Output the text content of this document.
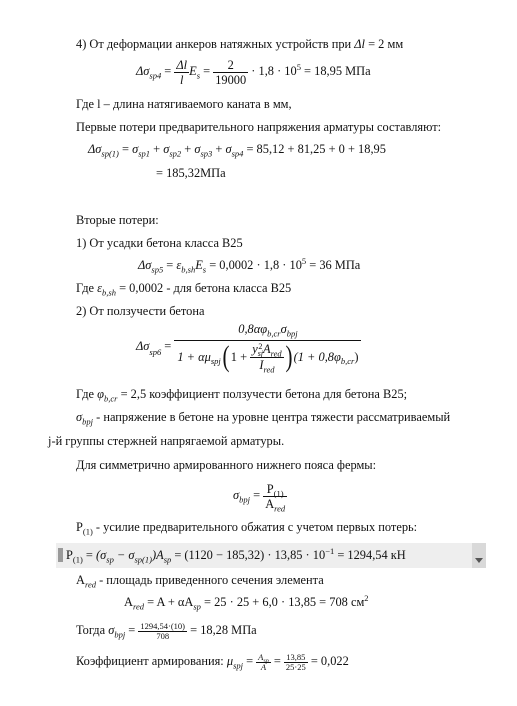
4) От деформации анкеров натяжных устройств при Δl = 2 мм
$\Delta\sigma_{sp4} = \frac{\Delta l}{l} E_s = \frac{2}{19000} \cdot 1,8 \cdot 10^5 = 18,95$ МПа
Где l – длина натягиваемого каната в мм,
Первые потери предварительного напряжения арматуры составляют:
$\Delta\sigma_{sp(1)} = \sigma_{sp1} + \sigma_{sp2} + \sigma_{sp3} + \sigma_{sp4} = 85,12 + 81,25 + 0 + 18,95$
= 185,32МПа
Вторые потери:
1) От усадки бетона класса В25
$\Delta\sigma_{sp5} = \varepsilon_{b,sh}E_s = 0,0002 \cdot 1,8 \cdot 10^5 = 36$ МПа
Где $\varepsilon_{b,sh} = 0,0002$ - для бетона класса В25
2) От ползучести бетона
Δσ sp6 =
$0,8\alpha\varphi_{b,cr}\sigma_{bpj}$
1 + αμ spj ( 1 + y 2
sj $A_{red}$
$I_{red}$ ) (1 + 0,8φ b,cr )
Где $\varphi_{b,cr} = 2,5$ коэффициент ползучести бетона для бетона В25;
$\sigma_{bpj}$ - напряжение в бетоне на уровне центра тяжести рассматриваемый
j-й группы стержней напрягаемой арматуры.
Для симметрично армированного нижнего пояса фермы:
$\sigma_{bpj} = \frac{P_{(1)}}{A_{red}}$
$P_{(1)}$ - усилие предварительного обжатия с учетом первых потерь:
$P_{(1)} = (\sigma_{sp} - \sigma_{sp(1)})A_{sp} = (1120 - 185,32) \cdot 13,85 \cdot 10^{-1} = 1294,54$ кН
$A_{red}$ - площадь приведенного сечения элемента
$A_{red} = A + \alpha A_{sp} = 25 \cdot 25 + 6,0 \cdot 13,85 = 708$ $см^2$
Тогда $\sigma_{bpj} = \frac{1294,54\cdot(10)}{708} = 18,28$ МПа
Коэффициент армирования: $\mu_{spj} = \frac{A_{sp}}{A} = \frac{13,85}{25\cdot 25} = 0,022$
